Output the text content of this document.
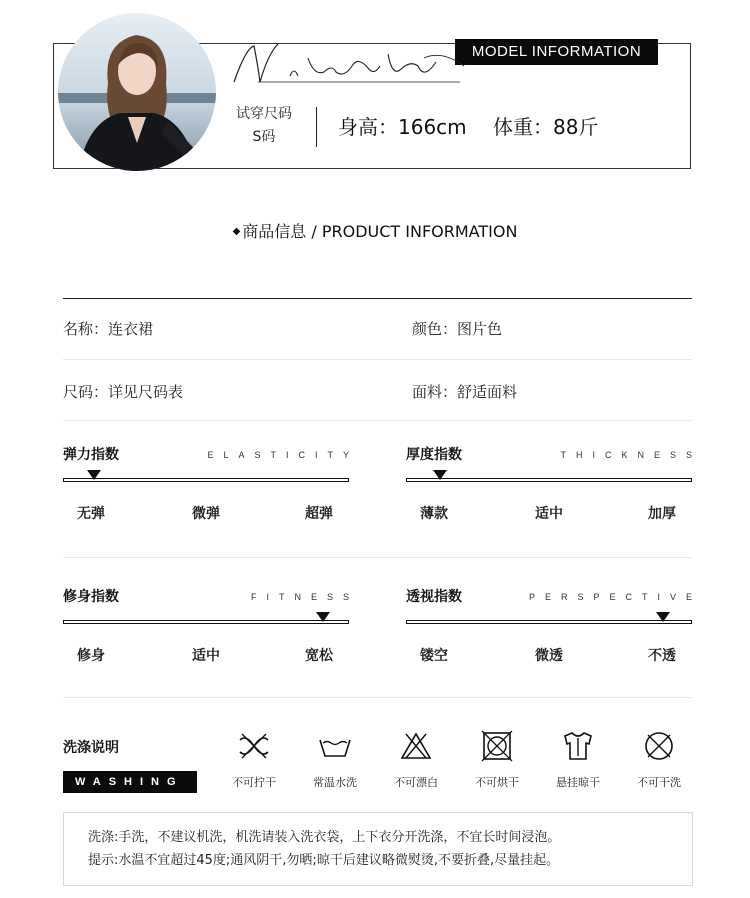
MODEL INFORMATION
试穿尺码
S码	身高：166cm 体重：88斤
◆ 商品信息 / PRODUCT INFORMATION
名称：连衣裙	颜色：图片色
尺码：详见尺码表	面料：舒适面料
弹力指数	ELASTICITY
无弹	微弹	超弹
厚度指数	THICKNESS
薄款	适中	加厚
修身指数	FITNESS
修身	适中	宽松
透视指数	PERSPECTIVE
镂空	微透	不透
洗涤说明
WASHING	不可拧干	常温水洗	不可漂白	不可烘干	悬挂晾干	不可干洗
洗涤:手洗，不建议机洗，机洗请装入洗衣袋，上下衣分开洗涤，不宜长时间浸泡。
提示:水温不宜超过45度;通风阴干,勿晒;晾干后建议略微熨烫,不要折叠,尽量挂起。
